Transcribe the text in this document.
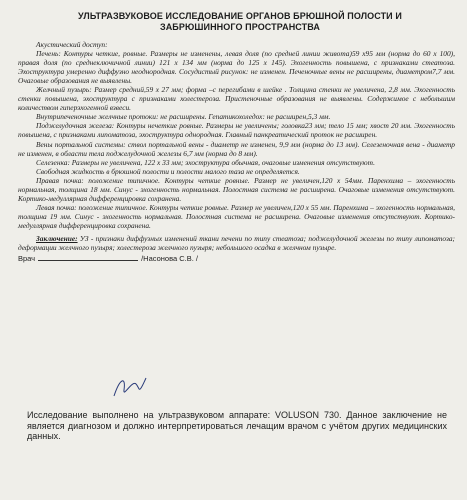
УЛЬТРАЗВУКОВОЕ ИССЛЕДОВАНИЕ ОРГАНОВ БРЮШНОЙ ПОЛОСТИ И ЗАБРЮШИННОГО ПРОСТРАНСТВА

Акустический доступ:

Печень: Контуры четкие, ровные. Размеры не изменены, левая доля (по средней линии живота)59 х95 мм (норма до 60 х 100), правая доля (по среднеключичной линии) 121 х 134 мм (норма до 125 х 145). Эхогенность повышена, с признаками стеатоза. Эхоструктура умеренно диффузно неоднородная. Сосудистый рисунок: не изменен. Печеночные вены не расширены, диаметром7,7 мм. Очаговые образования не выявлены.

Желчный пузырь: Размер средний,59 х 27 мм; форма –с перегибами в шейке . Толщина стенки не увеличена, 2,8 мм. Эхогенность стенки повышена, эхоструктура с признаками холестероза. Пристеночные образования не выявлены. Содержимое с небольшим количеством гиперэхогенной взвеси.

Внутрипеченочные желчные протоки: не расширены. Гепатикохоледох: не расширен,5,3 мм.

Поджелудочная железа: Контуры нечеткие ровные. Размеры не увеличены; головка23 мм; тело 15 мм; хвост 20 мм. Эхогенность повышена, с признаками липоматоза, эхоструктура однородная. Главный панкреатический проток не расширен.

Вены портальной системы: ствол портальной вены - диаметр не изменен, 9,9 мм (норма до 13 мм). Селезеночная вена - диаметр не изменен, в области тела поджелудочной железы 6,7 мм (норма до 8 мм).

Селезенка: Размеры не увеличена, 122 х 33 мм; эхоструктура обычная, очаговые изменения отсутствуют.

Свободная жидкость в брюшной полости и полости малого таза не определяется.

Правая почка: положение типичное. Контуры четкие ровные. Размер не увеличен,120 х 54мм. Паренхима – эхогенность нормальная, толщина 18 мм. Синус - эхогенность нормальная. Полостная система не расширена. Очаговые изменения отсутствуют. Кортико-медуллярная дифференцировка сохранена.

Левая почка: положение типичное. Контуры четкие ровные. Размер не увеличен,120 х 55 мм. Паренхима – эхогенность нормальная, толщина 19 мм. Синус - эхогенность нормальная. Полостная система не расширена. Очаговые изменения отсутствуют. Кортико-медуллярная дифференцировка сохранена.

Заключение: УЗ - признаки диффузных изменений ткани печени по типу стеатоза; поджелудочной железы по типу липоматоза; деформации желчного пузыря; холестероза желчного пузыря; небольшого осадка в желчном пузыре.

Врач	/Насонова С.В. /
Исследование выполнено на ультразвуковом аппарате: VOLUSON 730. Данное заключение не является диагнозом и должно интерпретироваться лечащим врачом с учётом других медицинских данных.
